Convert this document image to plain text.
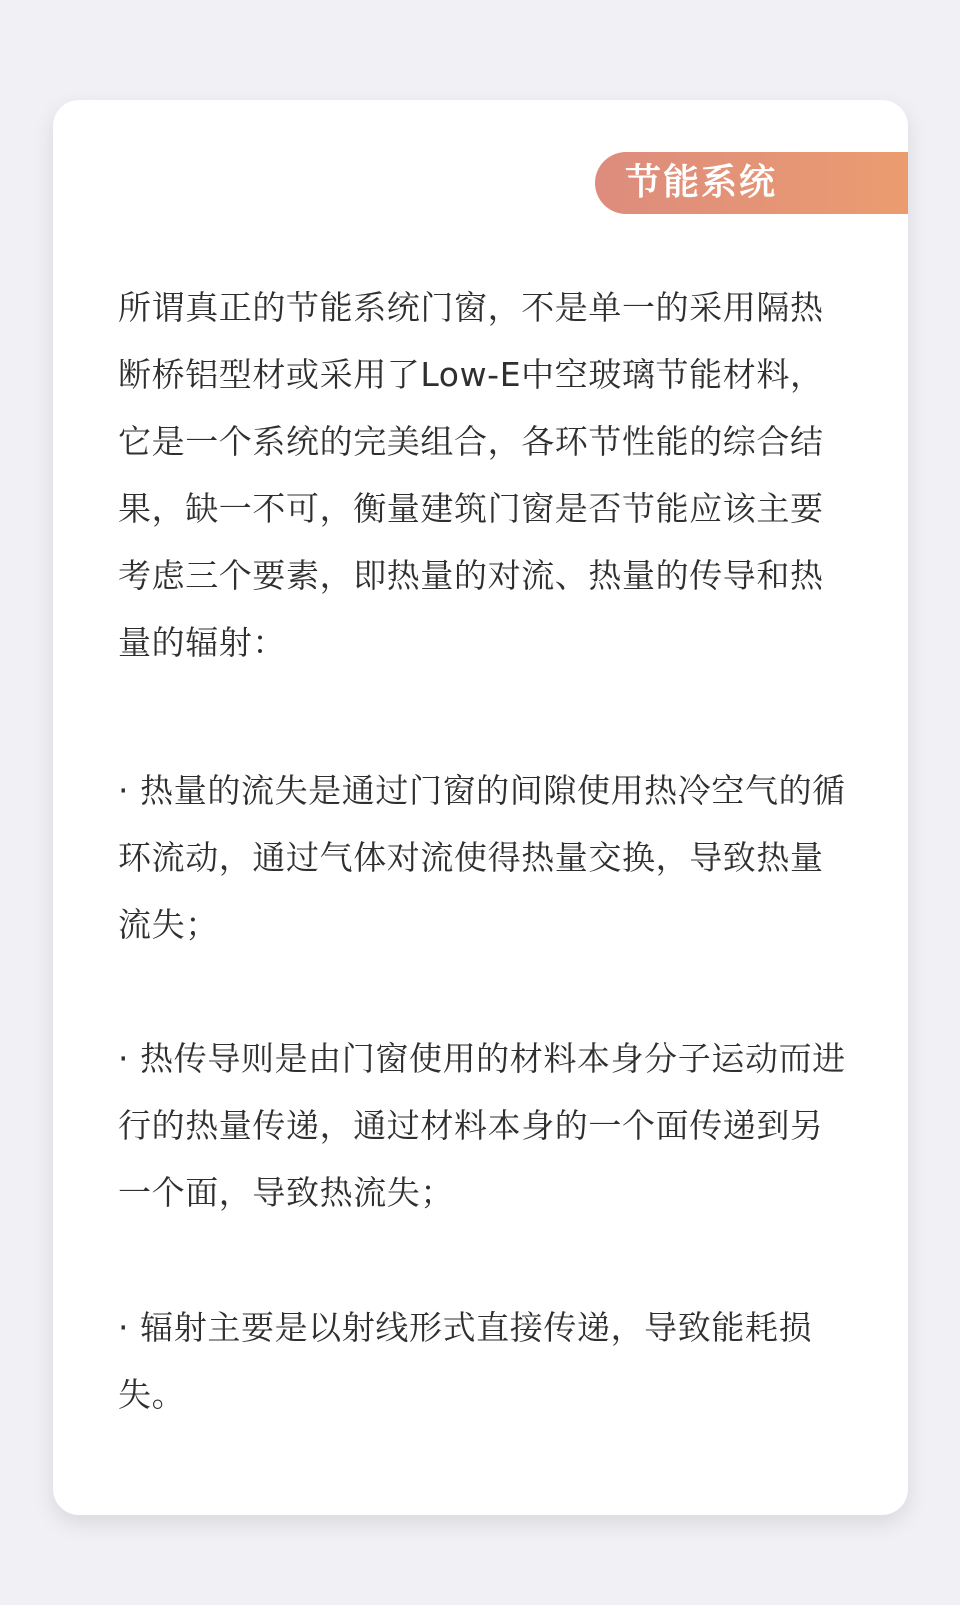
节能系统

所谓真正的节能系统门窗，不是单一的采用隔热断桥铝型材或采用了Low-E中空玻璃节能材料，它是一个系统的完美组合，各环节性能的综合结果，缺一不可，衡量建筑门窗是否节能应该主要考虑三个要素，即热量的对流、热量的传导和热量的辐射：

· 热量的流失是通过门窗的间隙使用热冷空气的循环流动，通过气体对流使得热量交换，导致热量流失；

· 热传导则是由门窗使用的材料本身分子运动而进行的热量传递，通过材料本身的一个面传递到另一个面，导致热流失；

· 辐射主要是以射线形式直接传递，导致能耗损失。
